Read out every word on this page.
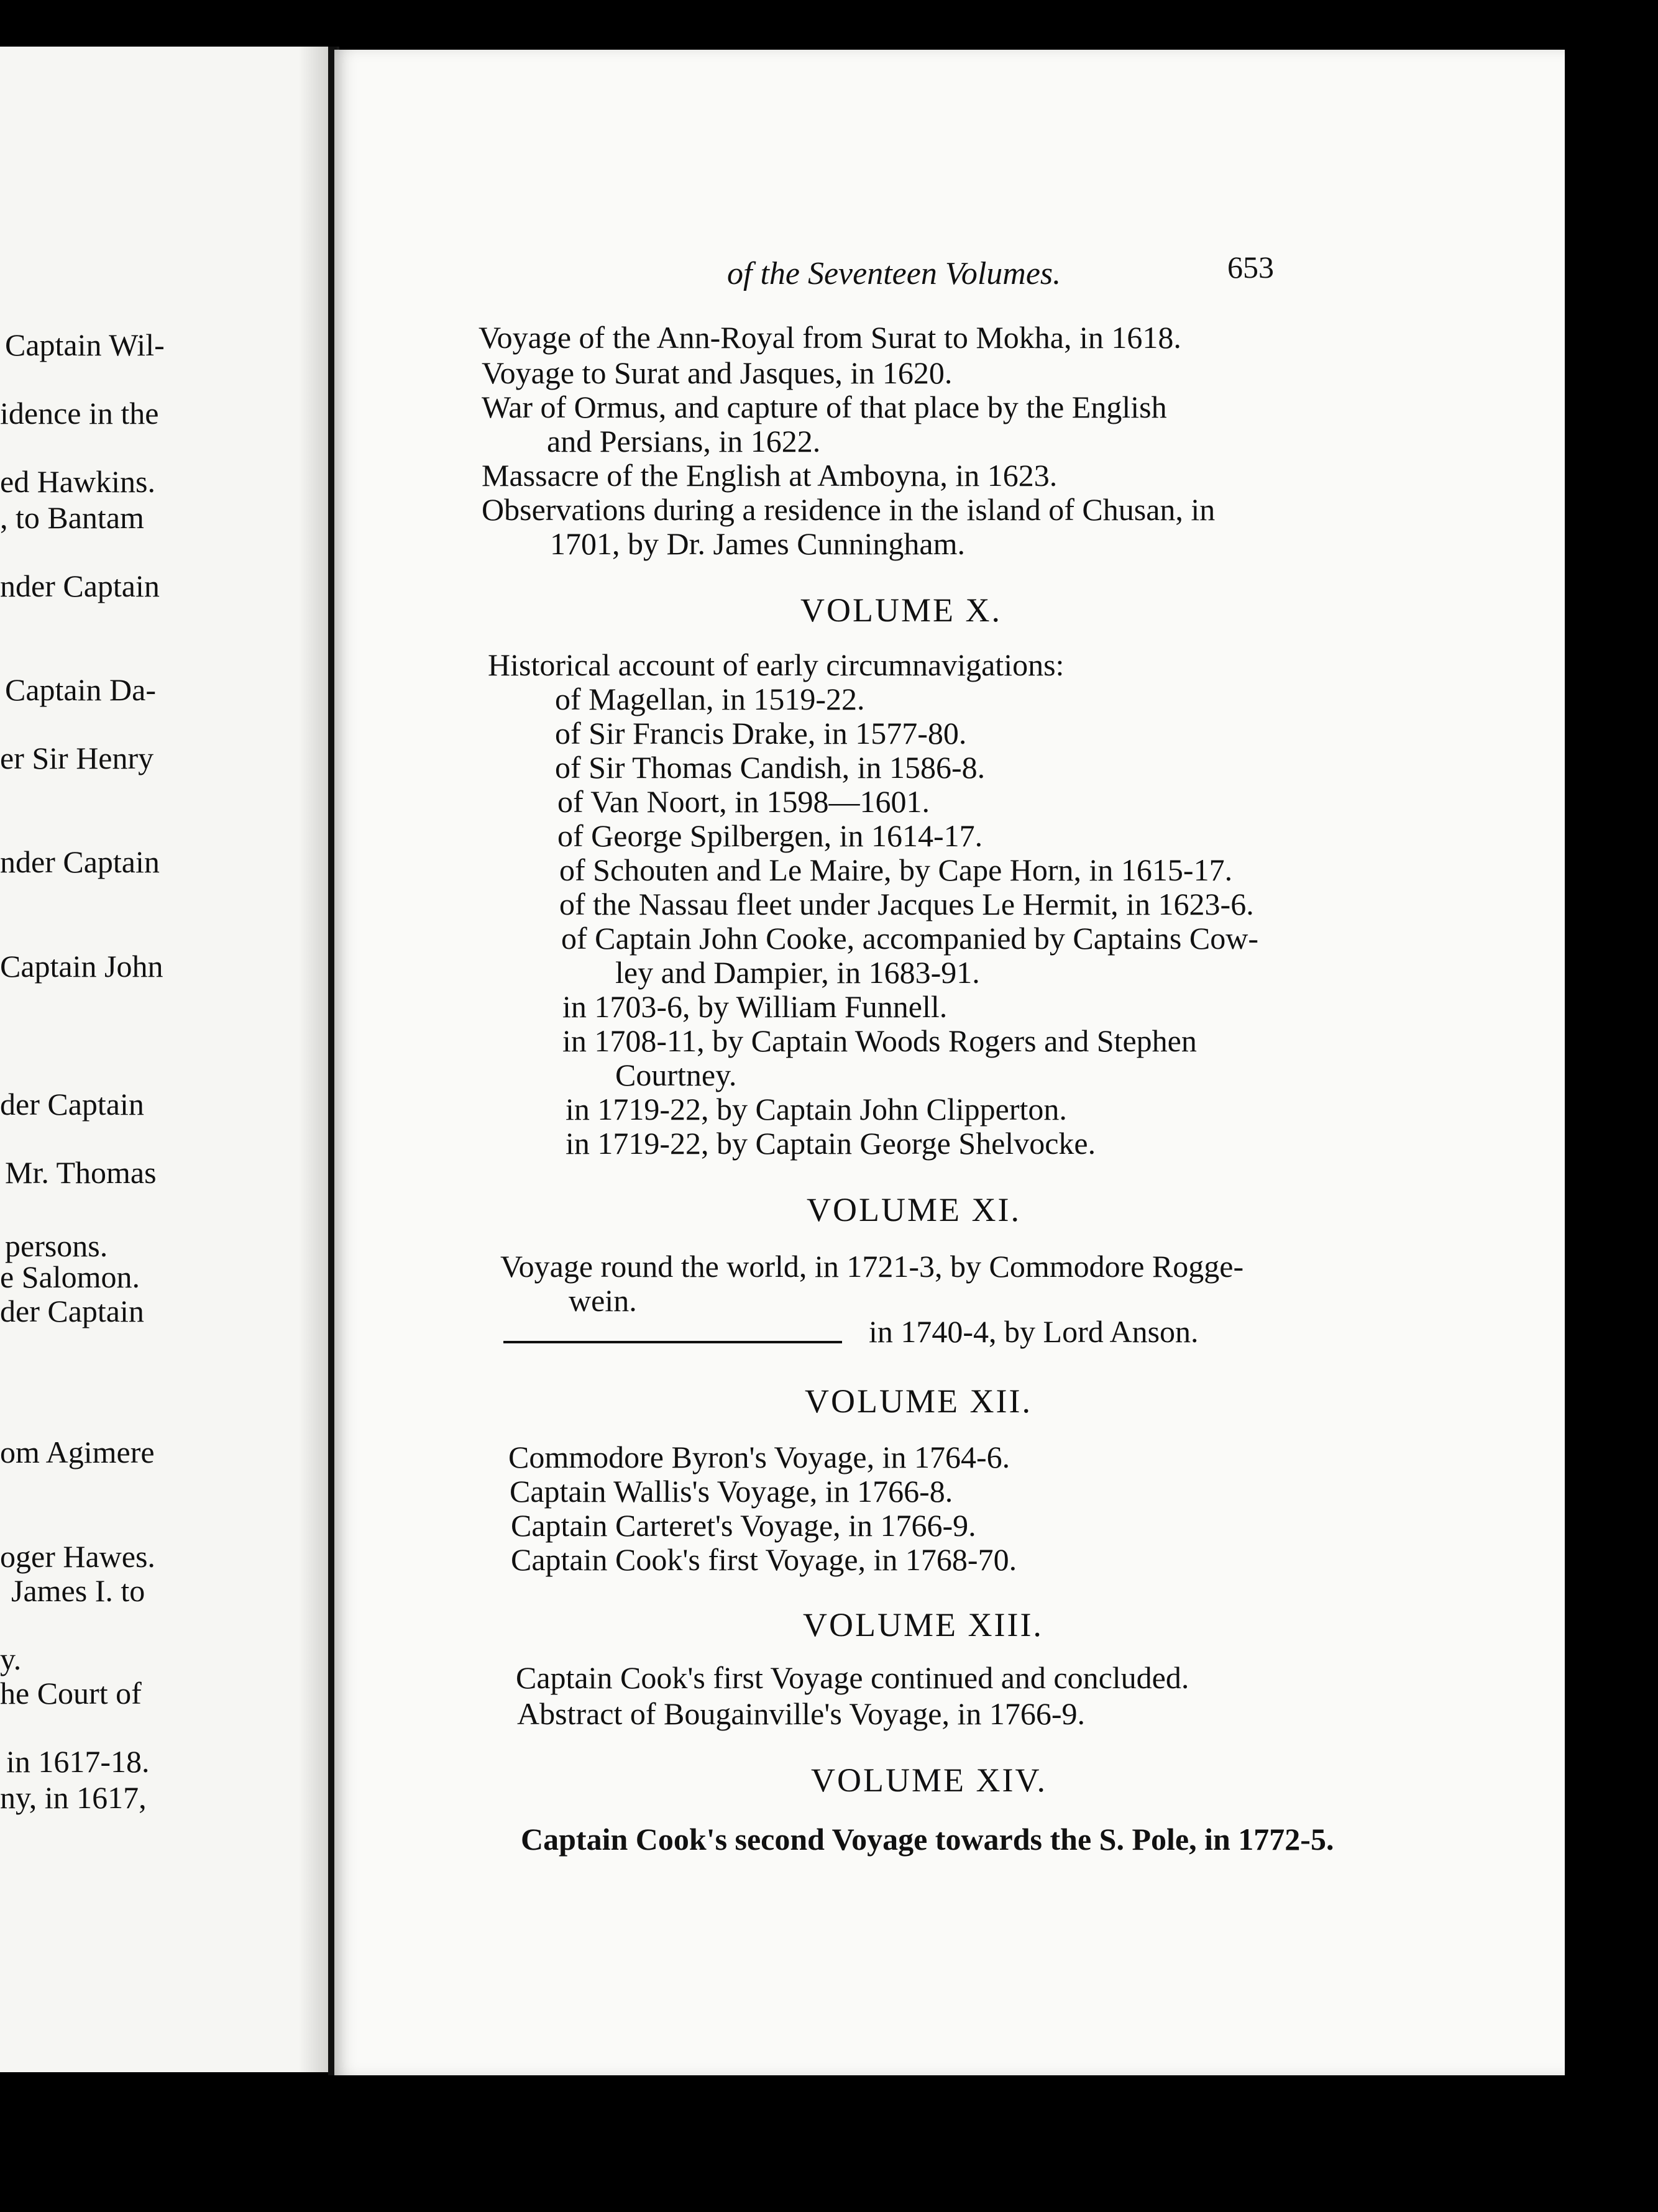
Captain Wil-
idence in the
ed Hawkins.
, to Bantam
nder Captain
Captain Da-
er Sir Henry
nder Captain
Captain John
der Captain
Mr. Thomas
persons.
e Salomon.
der Captain
om Agimere
oger Hawes.
James I. to
y.
he Court of
in 1617-18.
ny, in 1617,
of the Seventeen Volumes.	653
Voyage of the Ann-Royal from Surat to Mokha, in 1618.
Voyage to Surat and Jasques, in 1620.
War of Ormus, and capture of that place by the English
and Persians, in 1622.
Massacre of the English at Amboyna, in 1623.
Observations during a residence in the island of Chusan, in
1701, by Dr. James Cunningham.
VOLUME X.
Historical account of early circumnavigations:
of Magellan, in 1519-22.
of Sir Francis Drake, in 1577-80.
of Sir Thomas Candish, in 1586-8.
of Van Noort, in 1598—1601.
of George Spilbergen, in 1614-17.
of Schouten and Le Maire, by Cape Horn, in 1615-17.
of the Nassau fleet under Jacques Le Hermit, in 1623-6.
of Captain John Cooke, accompanied by Captains Cow-
ley and Dampier, in 1683-91.
in 1703-6, by William Funnell.
in 1708-11, by Captain Woods Rogers and Stephen
Courtney.
in 1719-22, by Captain John Clipperton.
in 1719-22, by Captain George Shelvocke.
VOLUME XI.
Voyage round the world, in 1721-3, by Commodore Rogge-
wein.
in 1740-4, by Lord Anson.
VOLUME XII.
Commodore Byron's Voyage, in 1764-6.
Captain Wallis's Voyage, in 1766-8.
Captain Carteret's Voyage, in 1766-9.
Captain Cook's first Voyage, in 1768-70.
VOLUME XIII.
Captain Cook's first Voyage continued and concluded.
Abstract of Bougainville's Voyage, in 1766-9.
VOLUME XIV.
Captain Cook's second Voyage towards the S. Pole, in 1772-5.
